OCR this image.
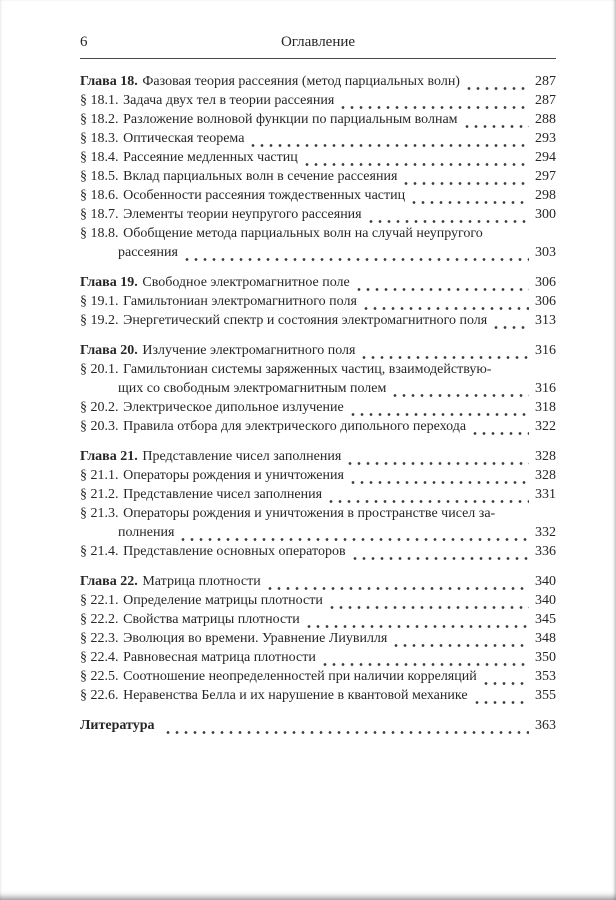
6	Оглавление
Глава 18. Фазовая теория рассеяния (метод парциальных волн)	287
§ 18.1. Задача двух тел в теории рассеяния	287
§ 18.2. Разложение волновой функции по парциальным волнам	288
§ 18.3. Оптическая теорема	293
§ 18.4. Рассеяние медленных частиц	294
§ 18.5. Вклад парциальных волн в сечение рассеяния	297
§ 18.6. Особенности рассеяния тождественных частиц	298
§ 18.7. Элементы теории неупругого рассеяния	300
§ 18.8. Обобщение метода парциальных волн на случай неупругого
рассеяния	303
Глава 19. Свободное электромагнитное поле	306
§ 19.1. Гамильтониан электромагнитного поля	306
§ 19.2. Энергетический спектр и состояния электромагнитного поля	313
Глава 20. Излучение электромагнитного поля	316
§ 20.1. Гамильтониан системы заряженных частиц, взаимодействую-
щих со свободным электромагнитным полем	316
§ 20.2. Электрическое дипольное излучение	318
§ 20.3. Правила отбора для электрического дипольного перехода	322
Глава 21. Представление чисел заполнения	328
§ 21.1. Операторы рождения и уничтожения	328
§ 21.2. Представление чисел заполнения	331
§ 21.3. Операторы рождения и уничтожения в пространстве чисел за-
полнения	332
§ 21.4. Представление основных операторов	336
Глава 22. Матрица плотности	340
§ 22.1. Определение матрицы плотности	340
§ 22.2. Свойства матрицы плотности	345
§ 22.3. Эволюция во времени. Уравнение Лиувилля	348
§ 22.4. Равновесная матрица плотности	350
§ 22.5. Соотношение неопределенностей при наличии корреляций	353
§ 22.6. Неравенства Белла и их нарушение в квантовой механике	355
Литература	363
